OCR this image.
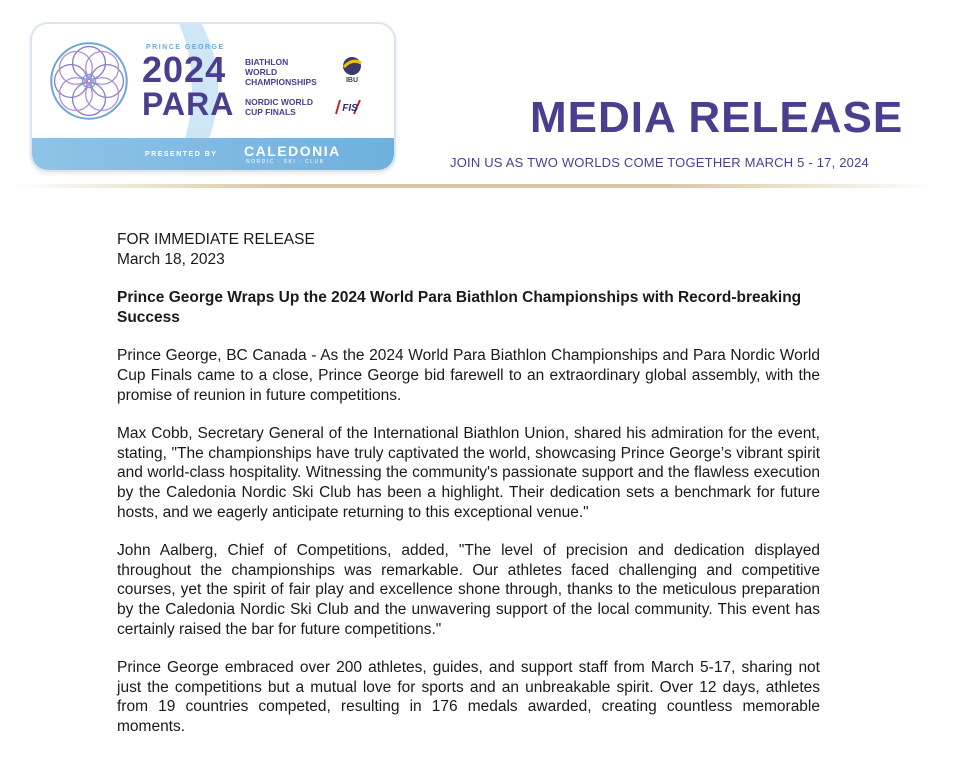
PRINCE GEORGE
2024
PARA
BIATHLON
WORLD
CHAMPIONSHIPS
NORDIC WORLD
CUP FINALS
IBU
FIS
PRESENTED BY CALEDONIA
NORDIC · SKI · CLUB
MEDIA RELEASE
JOIN US AS TWO WORLDS COME TOGETHER MARCH 5 - 17, 2024

FOR IMMEDIATE RELEASE
March 18, 2023

Prince George Wraps Up the 2024 World Para Biathlon Championships with Record-breaking Success

Prince George, BC Canada - As the 2024 World Para Biathlon Championships and Para Nordic World Cup Finals came to a close, Prince George bid farewell to an extraordinary global assembly, with the promise of reunion in future competitions.

Max Cobb, Secretary General of the International Biathlon Union, shared his admiration for the event, stating, "The championships have truly captivated the world, showcasing Prince George’s vibrant spirit and world-class hospitality. Witnessing the community's passionate support and the flawless execution by the Caledonia Nordic Ski Club has been a highlight. Their dedication sets a benchmark for future hosts, and we eagerly anticipate returning to this exceptional venue."

John Aalberg, Chief of Competitions, added, "The level of precision and dedication displayed throughout the championships was remarkable. Our athletes faced challenging and competitive courses, yet the spirit of fair play and excellence shone through, thanks to the meticulous preparation by the Caledonia Nordic Ski Club and the unwavering support of the local community. This event has certainly raised the bar for future competitions."

Prince George embraced over 200 athletes, guides, and support staff from March 5-17, sharing not just the competitions but a mutual love for sports and an unbreakable spirit. Over 12 days, athletes from 19 countries competed, resulting in 176 medals awarded, creating countless memorable moments.
